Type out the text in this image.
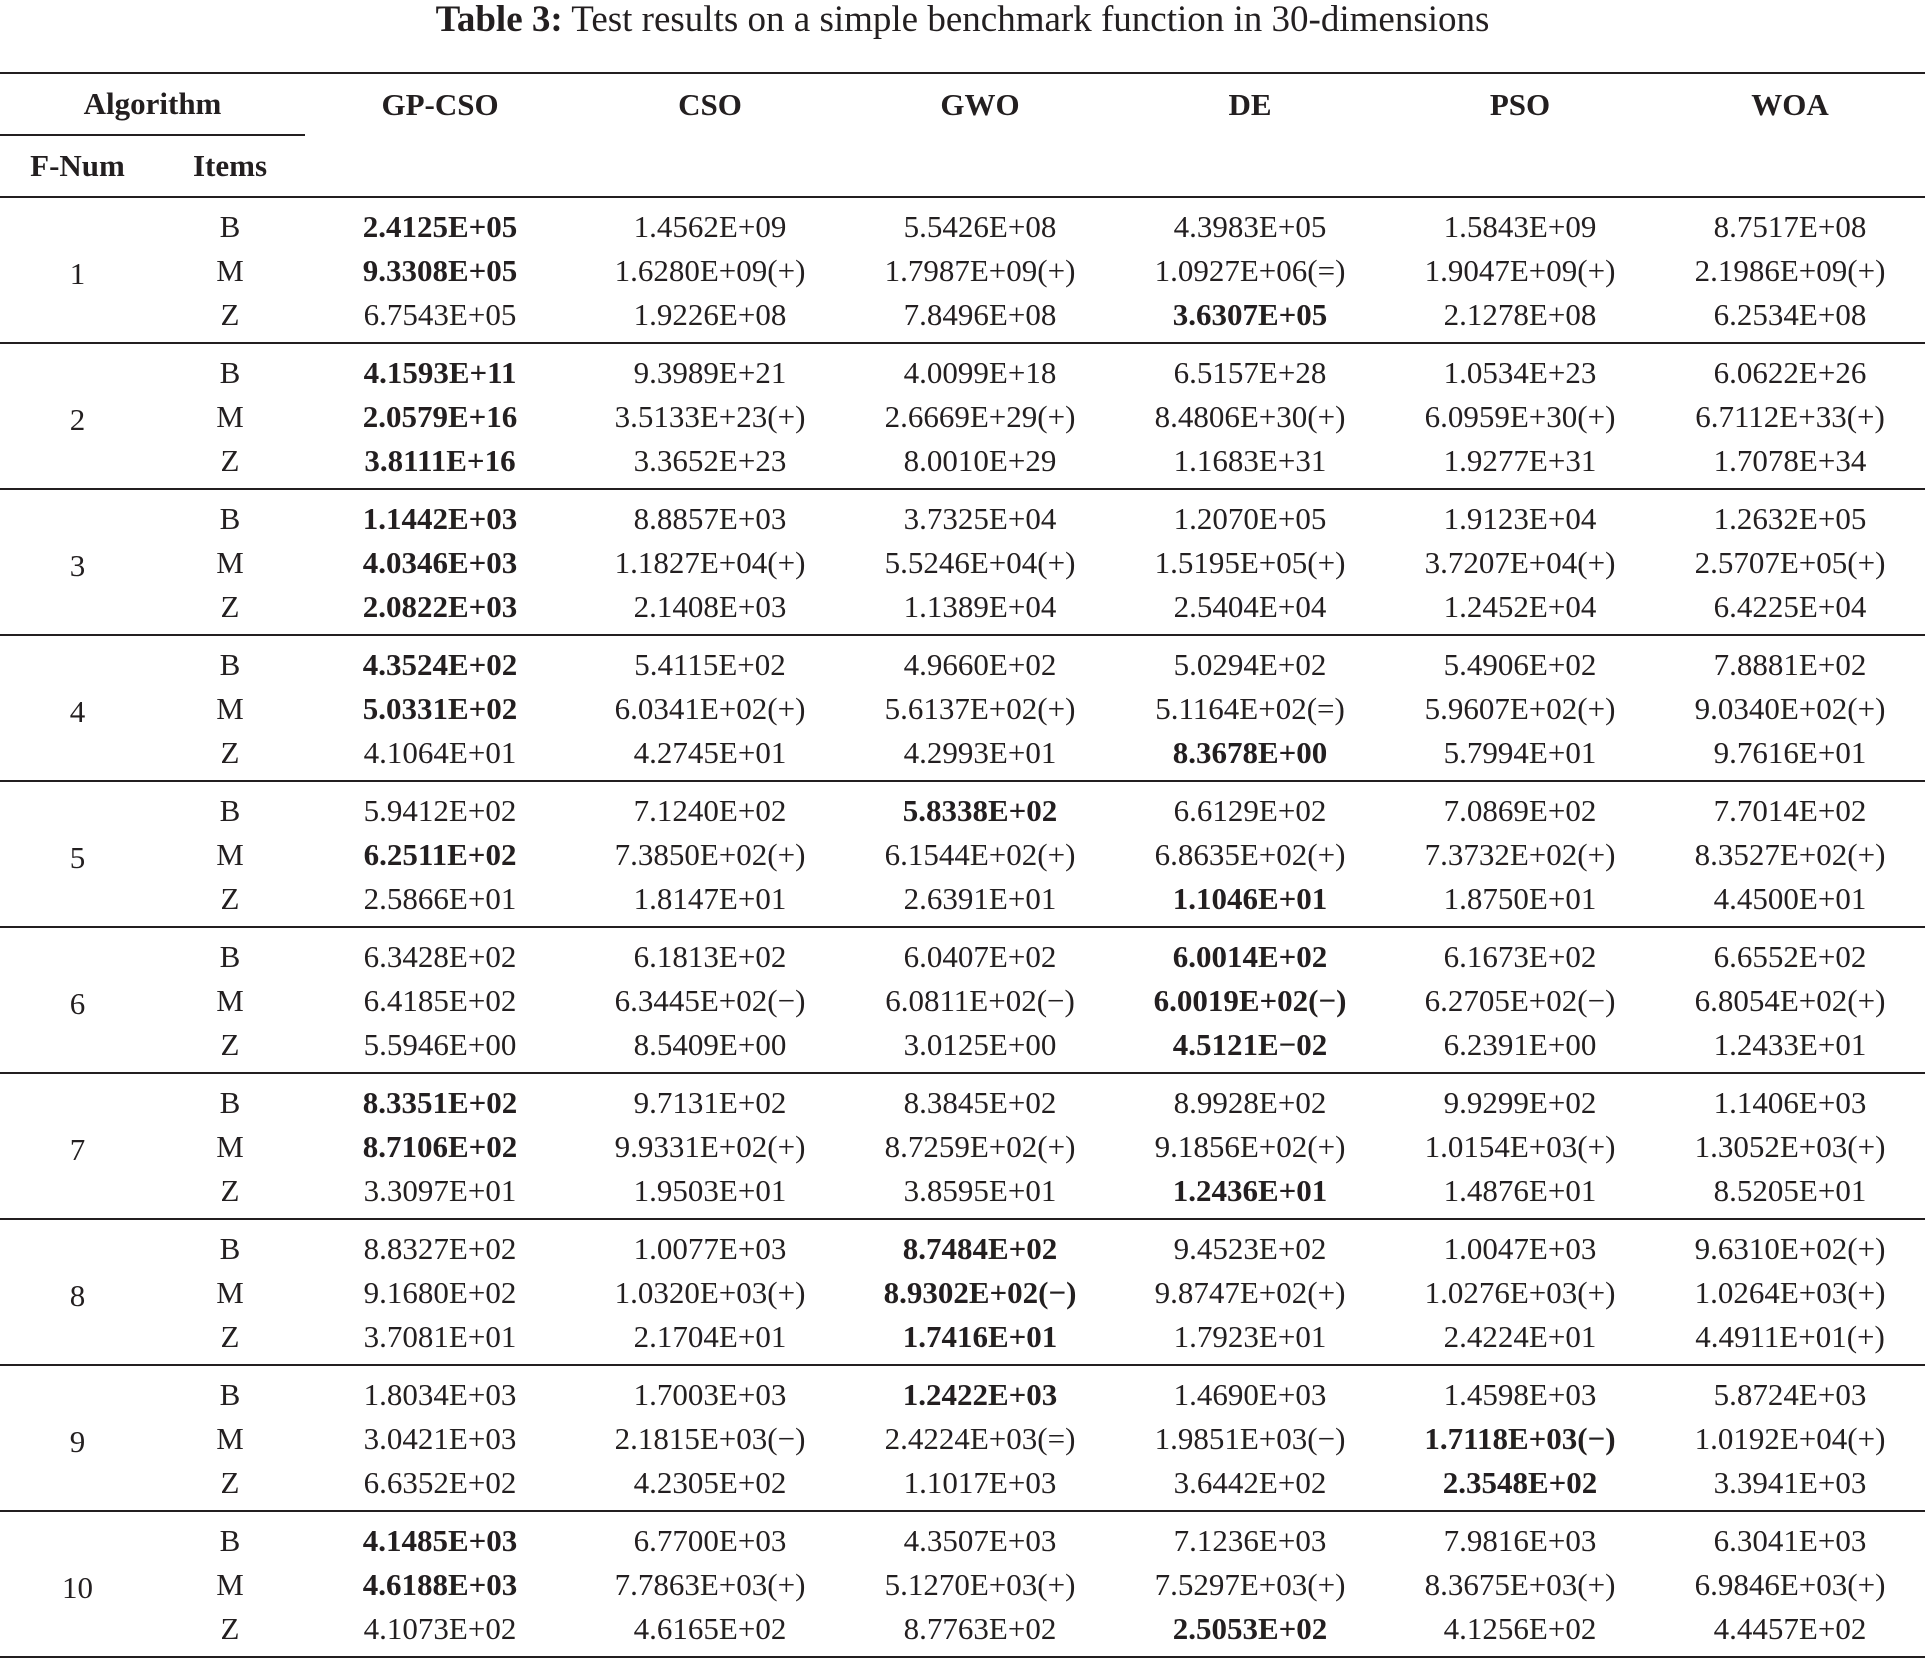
Table 3: Test results on a simple benchmark function in 30-dimensions
Algorithm		GP-CSO	CSO	GWO	DE	PSO	WOA
F-Num	Items						
1	B	2.4125E+05	1.4562E+09	5.5426E+08	4.3983E+05	1.5843E+09	8.7517E+08
	M	9.3308E+05	1.6280E+09(+)	1.7987E+09(+)	1.0927E+06(=)	1.9047E+09(+)	2.1986E+09(+)
	Z	6.7543E+05	1.9226E+08	7.8496E+08	3.6307E+05	2.1278E+08	6.2534E+08
2	B	4.1593E+11	9.3989E+21	4.0099E+18	6.5157E+28	1.0534E+23	6.0622E+26
	M	2.0579E+16	3.5133E+23(+)	2.6669E+29(+)	8.4806E+30(+)	6.0959E+30(+)	6.7112E+33(+)
	Z	3.8111E+16	3.3652E+23	8.0010E+29	1.1683E+31	1.9277E+31	1.7078E+34
3	B	1.1442E+03	8.8857E+03	3.7325E+04	1.2070E+05	1.9123E+04	1.2632E+05
	M	4.0346E+03	1.1827E+04(+)	5.5246E+04(+)	1.5195E+05(+)	3.7207E+04(+)	2.5707E+05(+)
	Z	2.0822E+03	2.1408E+03	1.1389E+04	2.5404E+04	1.2452E+04	6.4225E+04
4	B	4.3524E+02	5.4115E+02	4.9660E+02	5.0294E+02	5.4906E+02	7.8881E+02
	M	5.0331E+02	6.0341E+02(+)	5.6137E+02(+)	5.1164E+02(=)	5.9607E+02(+)	9.0340E+02(+)
	Z	4.1064E+01	4.2745E+01	4.2993E+01	8.3678E+00	5.7994E+01	9.7616E+01
5	B	5.9412E+02	7.1240E+02	5.8338E+02	6.6129E+02	7.0869E+02	7.7014E+02
	M	6.2511E+02	7.3850E+02(+)	6.1544E+02(+)	6.8635E+02(+)	7.3732E+02(+)	8.3527E+02(+)
	Z	2.5866E+01	1.8147E+01	2.6391E+01	1.1046E+01	1.8750E+01	4.4500E+01
6	B	6.3428E+02	6.1813E+02	6.0407E+02	6.0014E+02	6.1673E+02	6.6552E+02
	M	6.4185E+02	6.3445E+02(−)	6.0811E+02(−)	6.0019E+02(−)	6.2705E+02(−)	6.8054E+02(+)
	Z	5.5946E+00	8.5409E+00	3.0125E+00	4.5121E−02	6.2391E+00	1.2433E+01
7	B	8.3351E+02	9.7131E+02	8.3845E+02	8.9928E+02	9.9299E+02	1.1406E+03
	M	8.7106E+02	9.9331E+02(+)	8.7259E+02(+)	9.1856E+02(+)	1.0154E+03(+)	1.3052E+03(+)
	Z	3.3097E+01	1.9503E+01	3.8595E+01	1.2436E+01	1.4876E+01	8.5205E+01
8	B	8.8327E+02	1.0077E+03	8.7484E+02	9.4523E+02	1.0047E+03	9.6310E+02(+)
	M	9.1680E+02	1.0320E+03(+)	8.9302E+02(−)	9.8747E+02(+)	1.0276E+03(+)	1.0264E+03(+)
	Z	3.7081E+01	2.1704E+01	1.7416E+01	1.7923E+01	2.4224E+01	4.4911E+01(+)
9	B	1.8034E+03	1.7003E+03	1.2422E+03	1.4690E+03	1.4598E+03	5.8724E+03
	M	3.0421E+03	2.1815E+03(−)	2.4224E+03(=)	1.9851E+03(−)	1.7118E+03(−)	1.0192E+04(+)
	Z	6.6352E+02	4.2305E+02	1.1017E+03	3.6442E+02	2.3548E+02	3.3941E+03
10	B	4.1485E+03	6.7700E+03	4.3507E+03	7.1236E+03	7.9816E+03	6.3041E+03
	M	4.6188E+03	7.7863E+03(+)	5.1270E+03(+)	7.5297E+03(+)	8.3675E+03(+)	6.9846E+03(+)
	Z	4.1073E+02	4.6165E+02	8.7763E+02	2.5053E+02	4.1256E+02	4.4457E+02
